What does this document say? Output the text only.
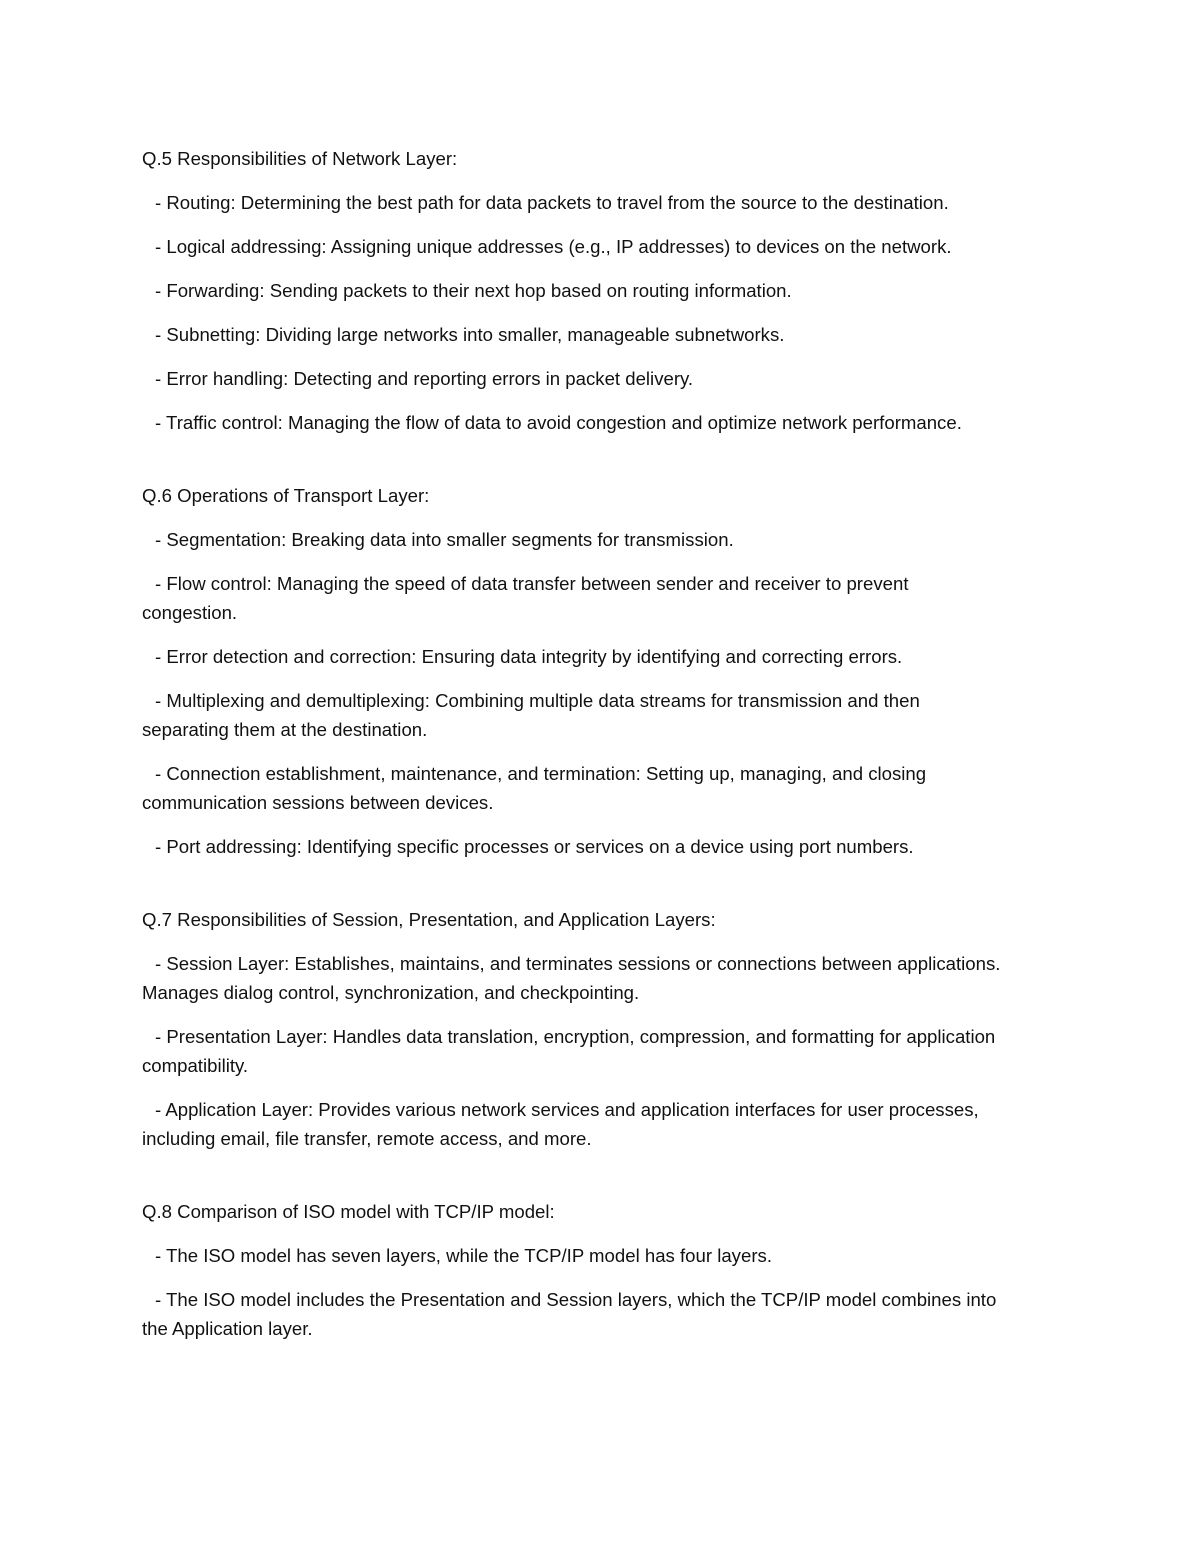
Q.5 Responsibilities of Network Layer:
- Routing: Determining the best path for data packets to travel from the source to the destination.
- Logical addressing: Assigning unique addresses (e.g., IP addresses) to devices on the network.
- Forwarding: Sending packets to their next hop based on routing information.
- Subnetting: Dividing large networks into smaller, manageable subnetworks.
- Error handling: Detecting and reporting errors in packet delivery.
- Traffic control: Managing the flow of data to avoid congestion and optimize network performance.
Q.6 Operations of Transport Layer:
- Segmentation: Breaking data into smaller segments for transmission.
- Flow control: Managing the speed of data transfer between sender and receiver to prevent
congestion.
- Error detection and correction: Ensuring data integrity by identifying and correcting errors.
- Multiplexing and demultiplexing: Combining multiple data streams for transmission and then
separating them at the destination.
- Connection establishment, maintenance, and termination: Setting up, managing, and closing
communication sessions between devices.
- Port addressing: Identifying specific processes or services on a device using port numbers.
Q.7 Responsibilities of Session, Presentation, and Application Layers:
- Session Layer: Establishes, maintains, and terminates sessions or connections between applications.
Manages dialog control, synchronization, and checkpointing.
- Presentation Layer: Handles data translation, encryption, compression, and formatting for application
compatibility.
- Application Layer: Provides various network services and application interfaces for user processes,
including email, file transfer, remote access, and more.
Q.8 Comparison of ISO model with TCP/IP model:
- The ISO model has seven layers, while the TCP/IP model has four layers.
- The ISO model includes the Presentation and Session layers, which the TCP/IP model combines into
the Application layer.
